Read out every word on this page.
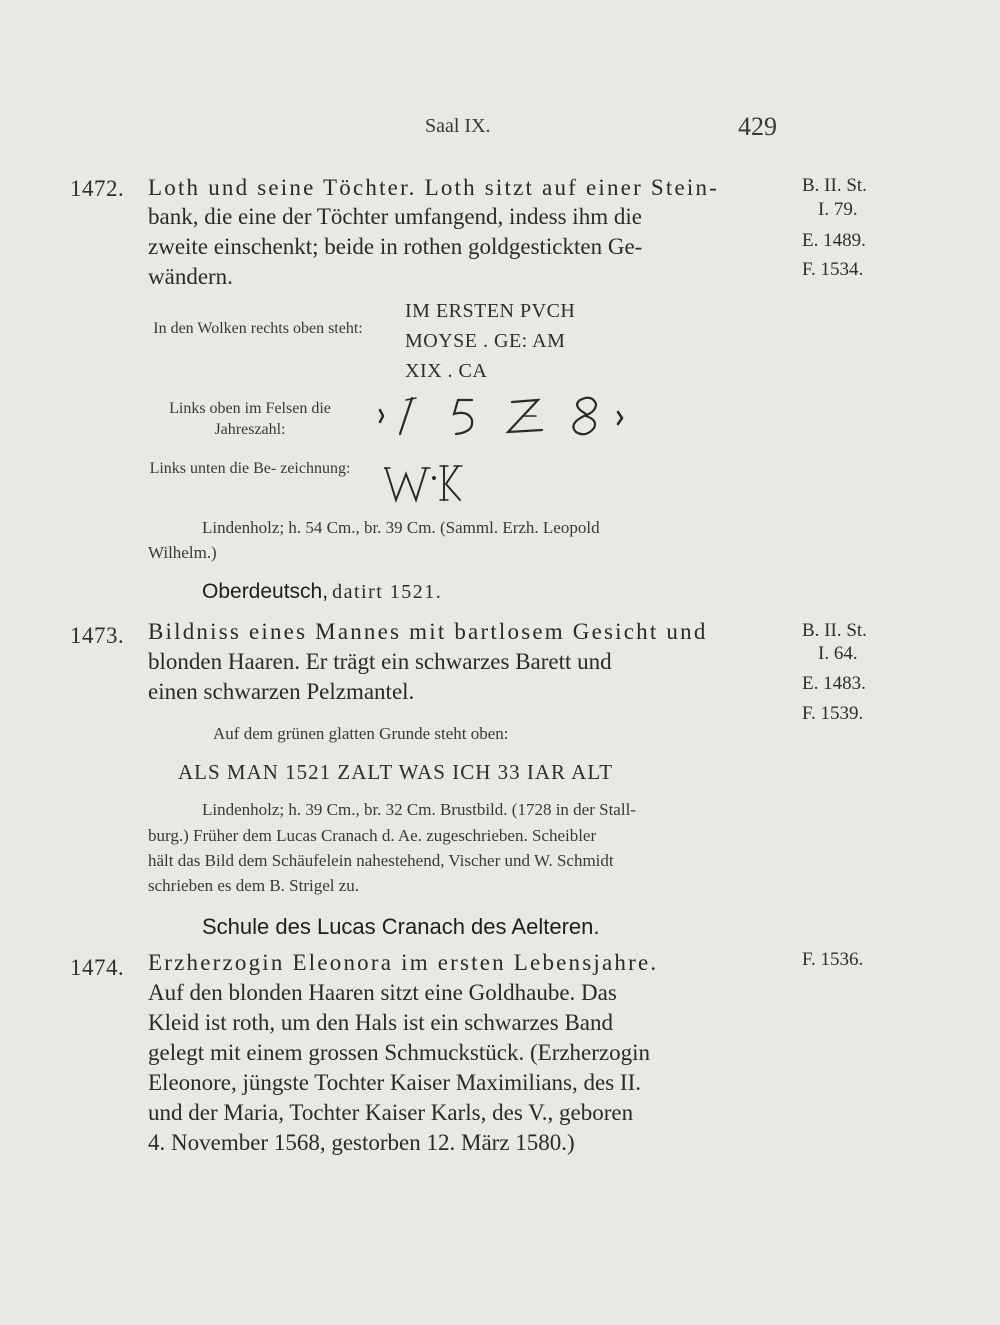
Saal IX.	429
1472. Loth und seine Töchter. Loth sitzt auf einer Stein-
bank, die eine der Töchter umfangend, indess ihm die
zweite einschenkt; beide in rothen goldgestickten Ge-
wändern.
B. II. St.
I. 79.
E. 1489.
F. 1534.
In den Wolken rechts oben steht:
IM ERSTEN PVCH
MOYSE . GE: AM
XIX . CA
Links oben im Felsen die Jahreszahl:
Links unten die Be- zeichnung:
Lindenholz; h. 54 Cm., br. 39 Cm. (Samml. Erzh. Leopold
Wilhelm.)
Oberdeutsch, datirt 1521.
1473. Bildniss eines Mannes mit bartlosem Gesicht und
blonden Haaren. Er trägt ein schwarzes Barett und
einen schwarzen Pelzmantel.
B. II. St.
I. 64.
E. 1483.
F. 1539.
Auf dem grünen glatten Grunde steht oben:
ALS MAN 1521 ZALT WAS ICH 33 IAR ALT
Lindenholz; h. 39 Cm., br. 32 Cm. Brustbild. (1728 in der Stall-
burg.) Früher dem Lucas Cranach d. Ae. zugeschrieben. Scheibler
hält das Bild dem Schäufelein nahestehend, Vischer und W. Schmidt
schrieben es dem B. Strigel zu.
Schule des Lucas Cranach des Aelteren.
1474. Erzherzogin Eleonora im ersten Lebensjahre.
Auf den blonden Haaren sitzt eine Goldhaube. Das
Kleid ist roth, um den Hals ist ein schwarzes Band
gelegt mit einem grossen Schmuckstück. (Erzherzogin
Eleonore, jüngste Tochter Kaiser Maximilians, des II.
und der Maria, Tochter Kaiser Karls, des V., geboren
4. November 1568, gestorben 12. März 1580.)
F. 1536.
